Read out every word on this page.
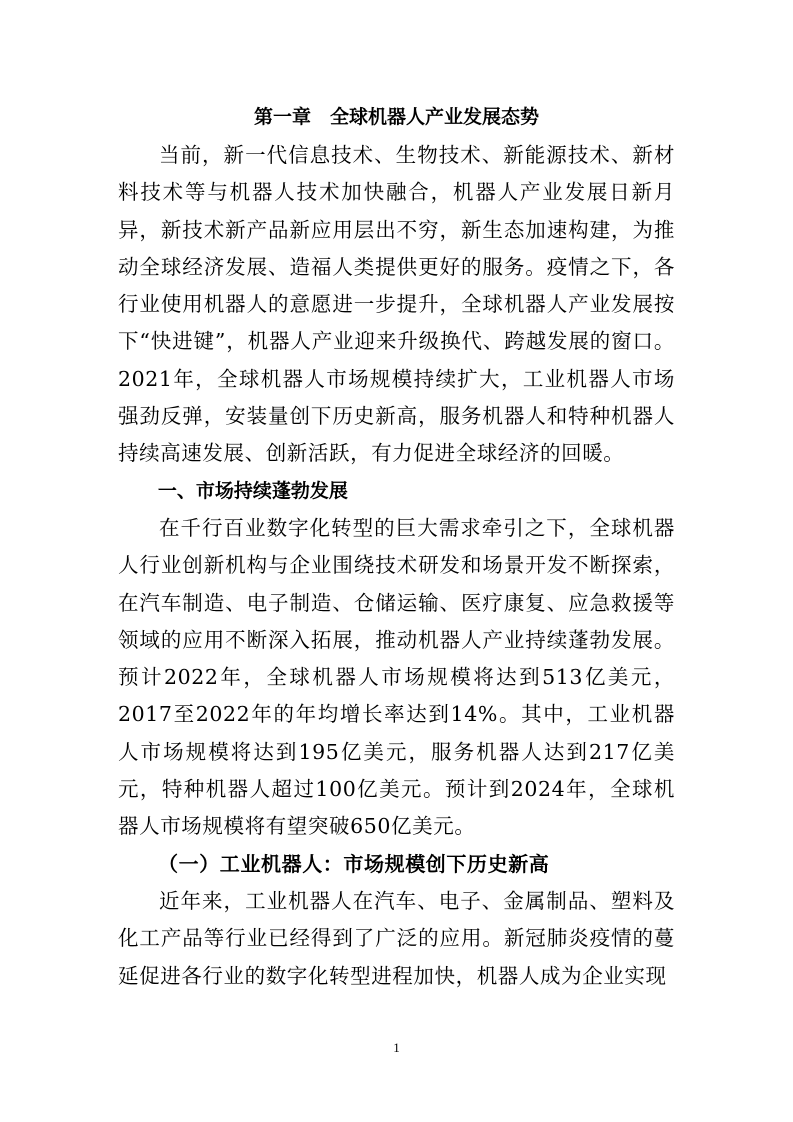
第一章　全球机器人产业发展态势

当前，新一代信息技术、生物技术、新能源技术、新材料技术等与机器人技术加快融合，机器人产业发展日新月异，新技术新产品新应用层出不穷，新生态加速构建，为推动全球经济发展、造福人类提供更好的服务。疫情之下，各行业使用机器人的意愿进一步提升，全球机器人产业发展按下“快进键”，机器人产业迎来升级换代、跨越发展的窗口。2021年，全球机器人市场规模持续扩大，工业机器人市场强劲反弹，安装量创下历史新高，服务机器人和特种机器人持续高速发展、创新活跃，有力促进全球经济的回暖。

一、市场持续蓬勃发展

在千行百业数字化转型的巨大需求牵引之下，全球机器人行业创新机构与企业围绕技术研发和场景开发不断探索，在汽车制造、电子制造、仓储运输、医疗康复、应急救援等领域的应用不断深入拓展，推动机器人产业持续蓬勃发展。预计2022年，全球机器人市场规模将达到513亿美元，2017至2022年的年均增长率达到14%。其中，工业机器人市场规模将达到195亿美元，服务机器人达到217亿美元，特种机器人超过100亿美元。预计到2024年，全球机器人市场规模将有望突破650亿美元。

（一）工业机器人：市场规模创下历史新高

近年来，工业机器人在汽车、电子、金属制品、塑料及化工产品等行业已经得到了广泛的应用。新冠肺炎疫情的蔓延促进各行业的数字化转型进程加快，机器人成为企业实现

1
